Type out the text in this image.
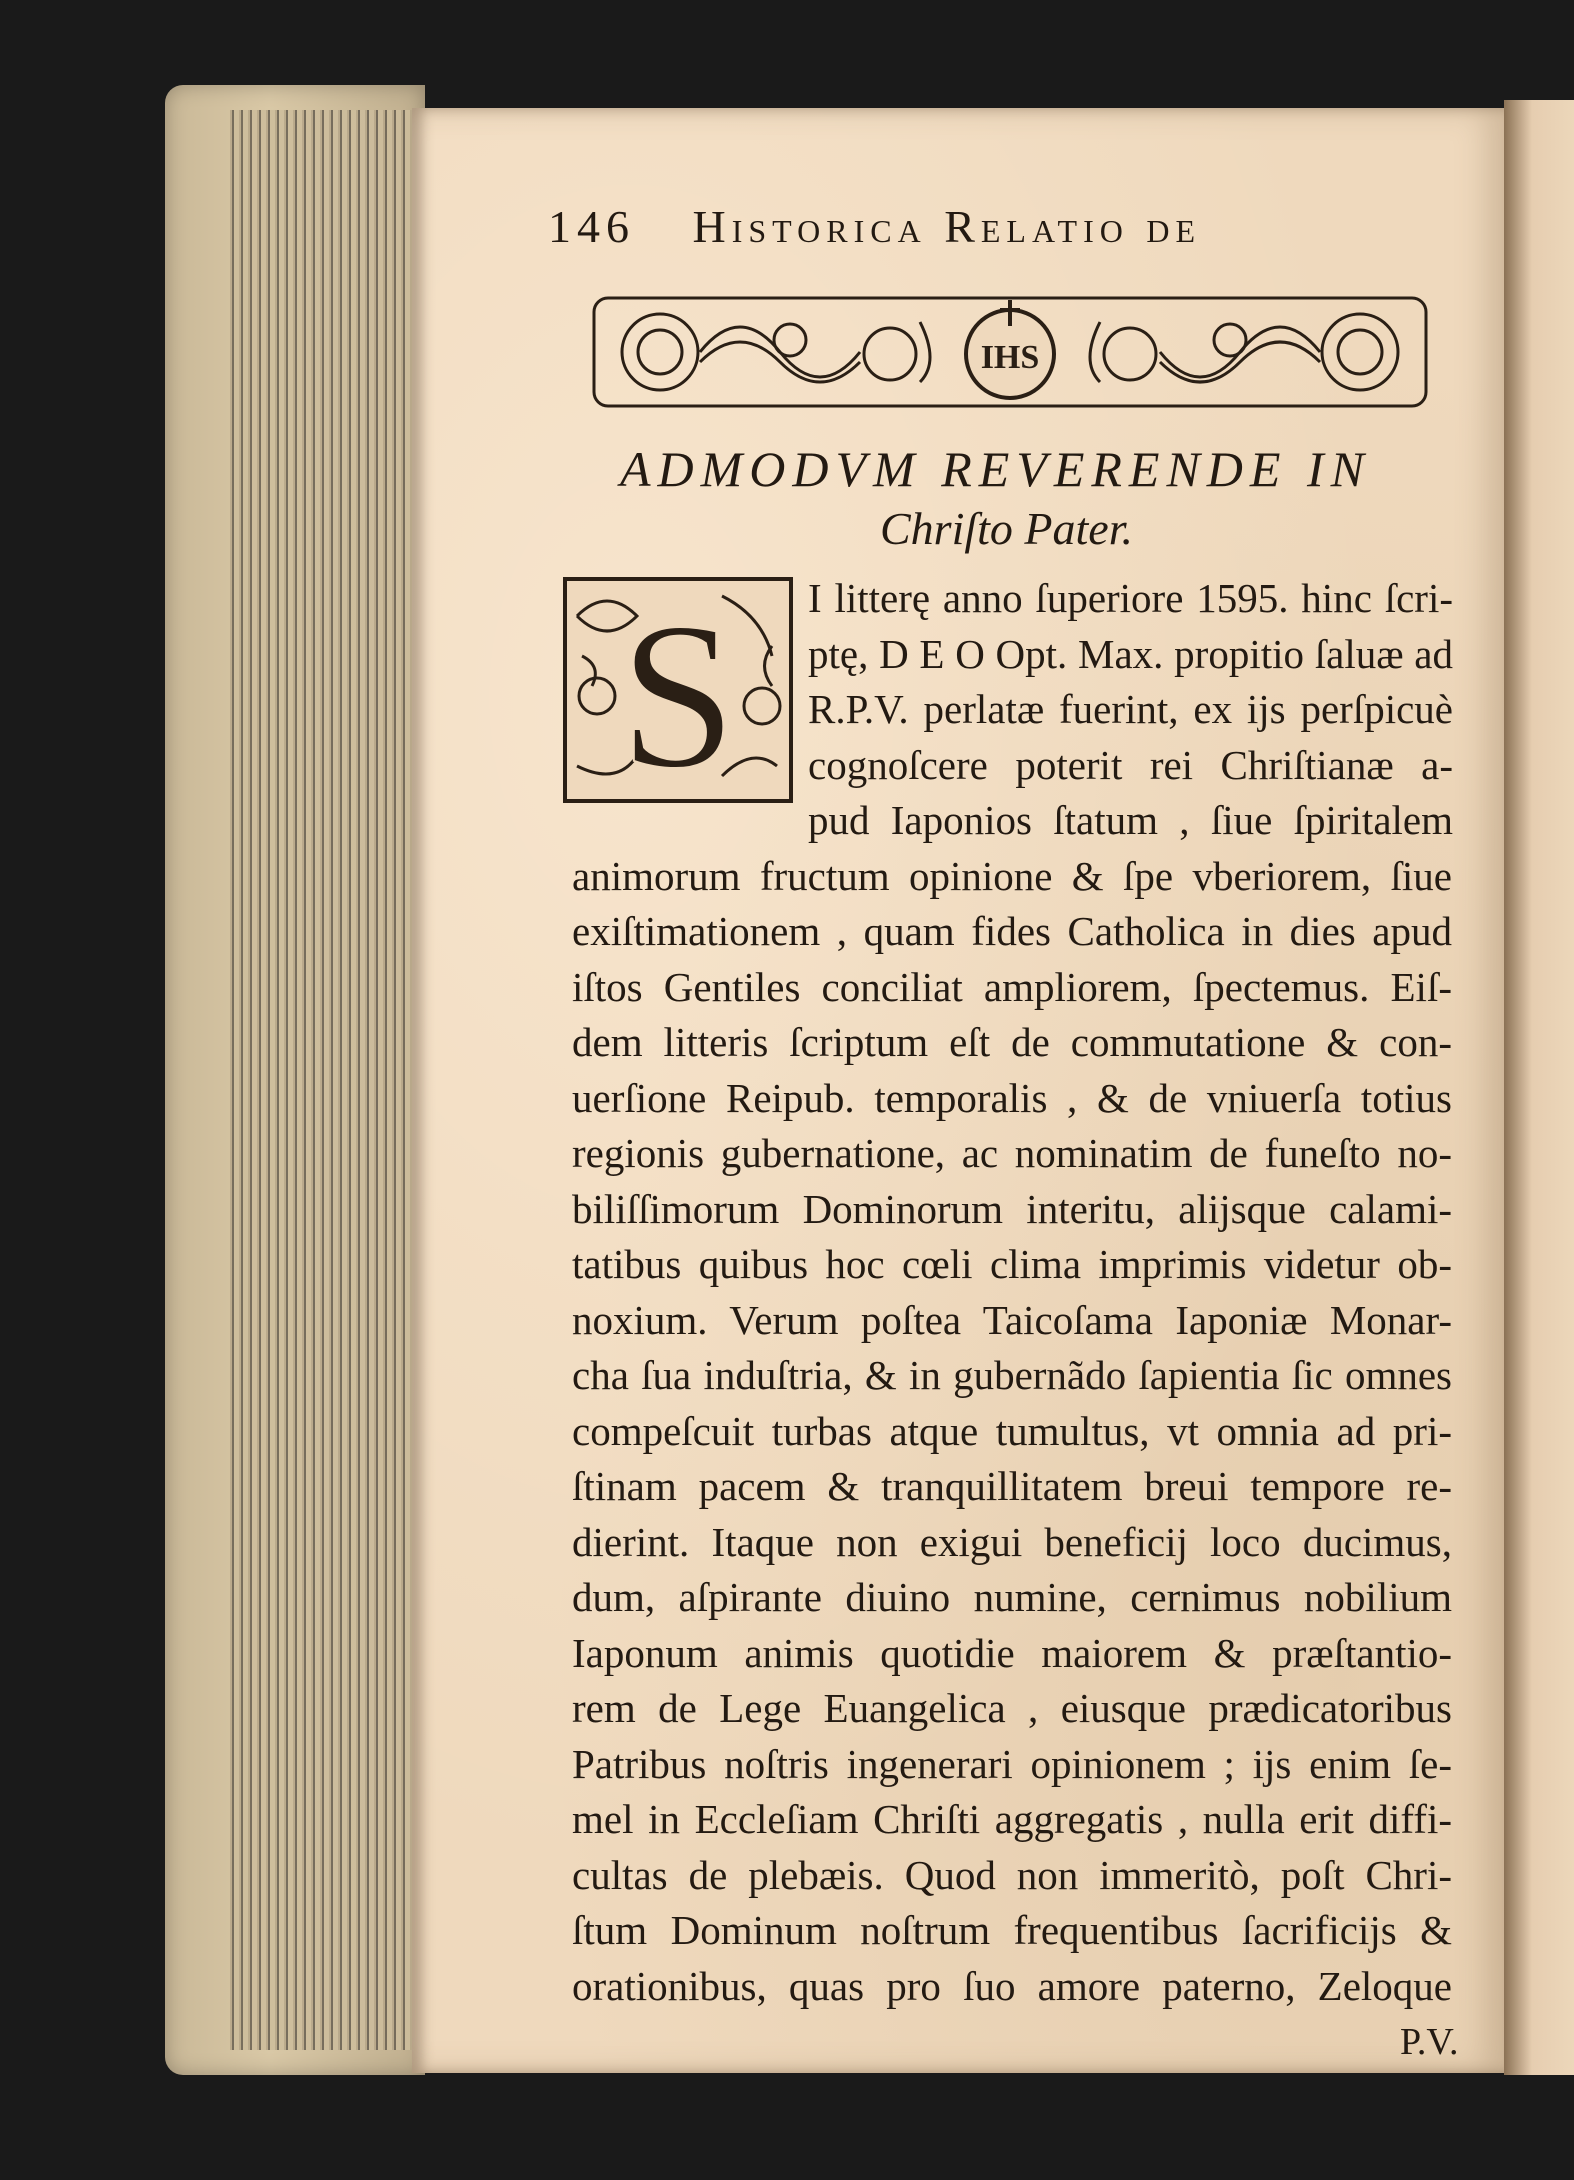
146 Historica Relatio de
IHS
ADMODVM REVERENDE IN
Chriſto Pater.
S I litterę anno ſuperiore 1595. hinc ſcri-
ptę, D E O Opt. Max. propitio ſaluæ ad
R.P.V. perlatæ fuerint, ex ijs perſpicuè
cognoſcere poterit rei Chriſtianæ a-
pud Iaponios ſtatum , ſiue ſpiritalem
animorum fructum opinione & ſpe vberiorem, ſiue
exiſtimationem , quam fides Catholica in dies apud
iſtos Gentiles conciliat ampliorem, ſpectemus. Eiſ-
dem litteris ſcriptum eſt de commutatione & con-
uerſione Reipub. temporalis , & de vniuerſa totius
regionis gubernatione, ac nominatim de funeſto no-
biliſſimorum Dominorum interitu, alijsque calami-
tatibus quibus hoc cœli clima imprimis videtur ob-
noxium. Verum poſtea Taicoſama Iaponiæ Monar-
cha ſua induſtria, & in gubernãdo ſapientia ſic omnes
compeſcuit turbas atque tumultus, vt omnia ad pri-
ſtinam pacem & tranquillitatem breui tempore re-
dierint. Itaque non exigui beneficij loco ducimus,
dum, aſpirante diuino numine, cernimus nobilium
Iaponum animis quotidie maiorem & præſtantio-
rem de Lege Euangelica , eiusque prædicatoribus
Patribus noſtris ingenerari opinionem ; ijs enim ſe-
mel in Eccleſiam Chriſti aggregatis , nulla erit diffi-
cultas de plebæis. Quod non immeritò, poſt Chri-
ſtum Dominum noſtrum frequentibus ſacrificijs &
orationibus, quas pro ſuo amore paterno, Zeloque
P.V.
